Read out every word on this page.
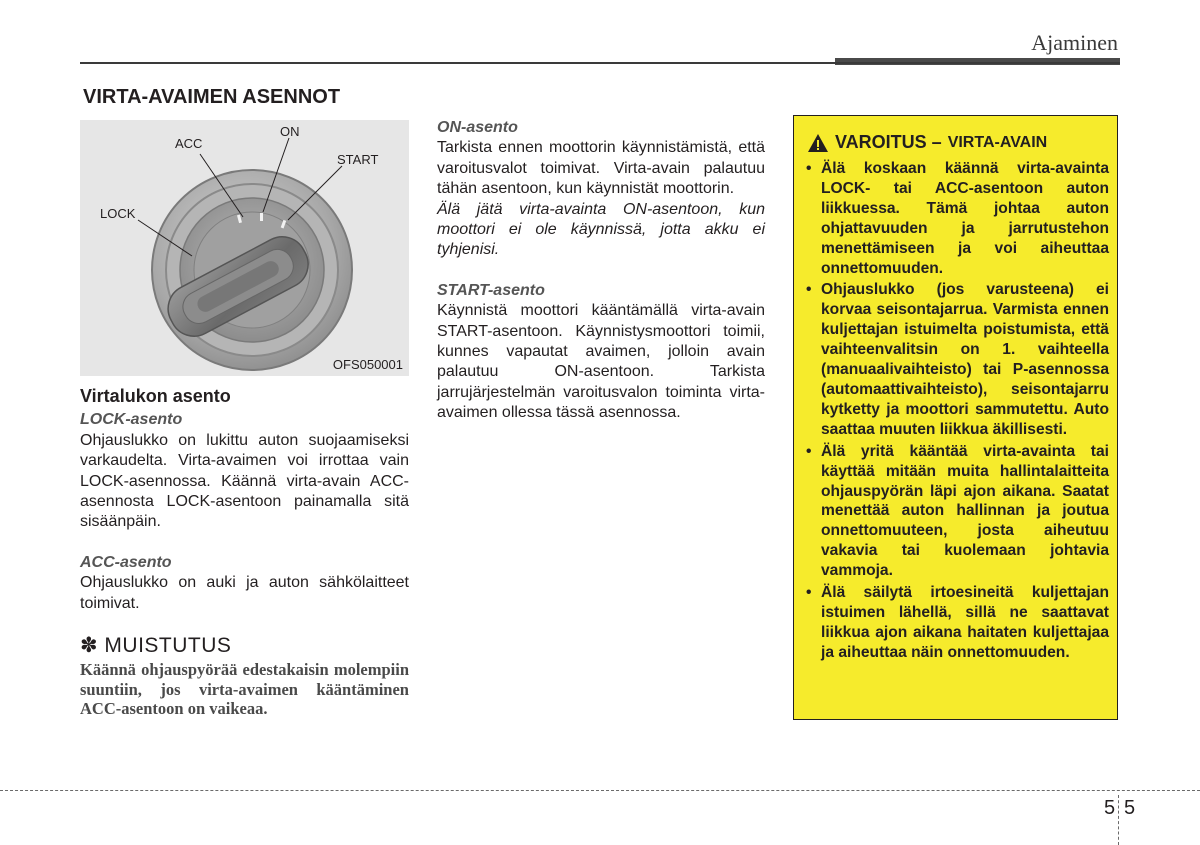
Ajaminen
VIRTA-AVAIMEN ASENNOT
ACC
ON
START
LOCK
OFS050001
Virtalukon asento
LOCK-asento

Ohjauslukko on lukittu auton suojaamiseksi varkaudelta. Virta-avaimen voi irrottaa vain LOCK-asennossa. Käännä virta-avain ACC-asennosta LOCK-asentoon painamalla sitä sisäänpäin.

ACC-asento

Ohjauslukko on auki ja auton sähkölaitteet toimivat.

✽ MUISTUTUS
Käännä ohjauspyörää edestakaisin molempiin suuntiin, jos virta-avaimen kääntäminen ACC-asentoon on vaikeaa.
ON-asento

Tarkista ennen moottorin käynnistämistä, että varoitusvalot toimivat. Virta-avain palautuu tähän asentoon, kun käynnistät moottorin.

Älä jätä virta-avainta ON-asentoon, kun moottori ei ole käynnissä, jotta akku ei tyhjenisi.

START-asento

Käynnistä moottori kääntämällä virta-avain START-asentoon. Käynnistysmoottori toimii, kunnes vapautat avaimen, jolloin avain palautuu ON-asentoon. Tarkista jarrujärjestelmän varoitusvalon toiminta virta-avaimen ollessa tässä asennossa.

VAROITUS – VIRTA-AVAIN
• Älä koskaan käännä virta-avainta LOCK- tai ACC-asentoon auton liikkuessa. Tämä johtaa auton ohjattavuuden ja jarrutustehon menettämiseen ja voi aiheuttaa onnettomuuden.
• Ohjauslukko (jos varusteena) ei korvaa seisontajarrua. Varmista ennen kuljettajan istuimelta poistumista, että vaihteenvalitsin on 1. vaihteella (manuaalivaihteisto) tai P-asennossa (automaattivaihteisto), seisontajarru kytketty ja moottori sammutettu. Auto saattaa muuten liikkua äkillisesti.
• Älä yritä kääntää virta-avainta tai käyttää mitään muita hallintalaitteita ohjauspyörän läpi ajon aikana. Saatat menettää auton hallinnan ja joutua onnettomuuteen, josta aiheutuu vakavia tai kuolemaan johtavia vammoja.
• Älä säilytä irtoesineitä kuljettajan istuimen lähellä, sillä ne saattavat liikkua ajon aikana haitaten kuljettajaa ja aiheuttaa näin onnettomuuden.
5 5
